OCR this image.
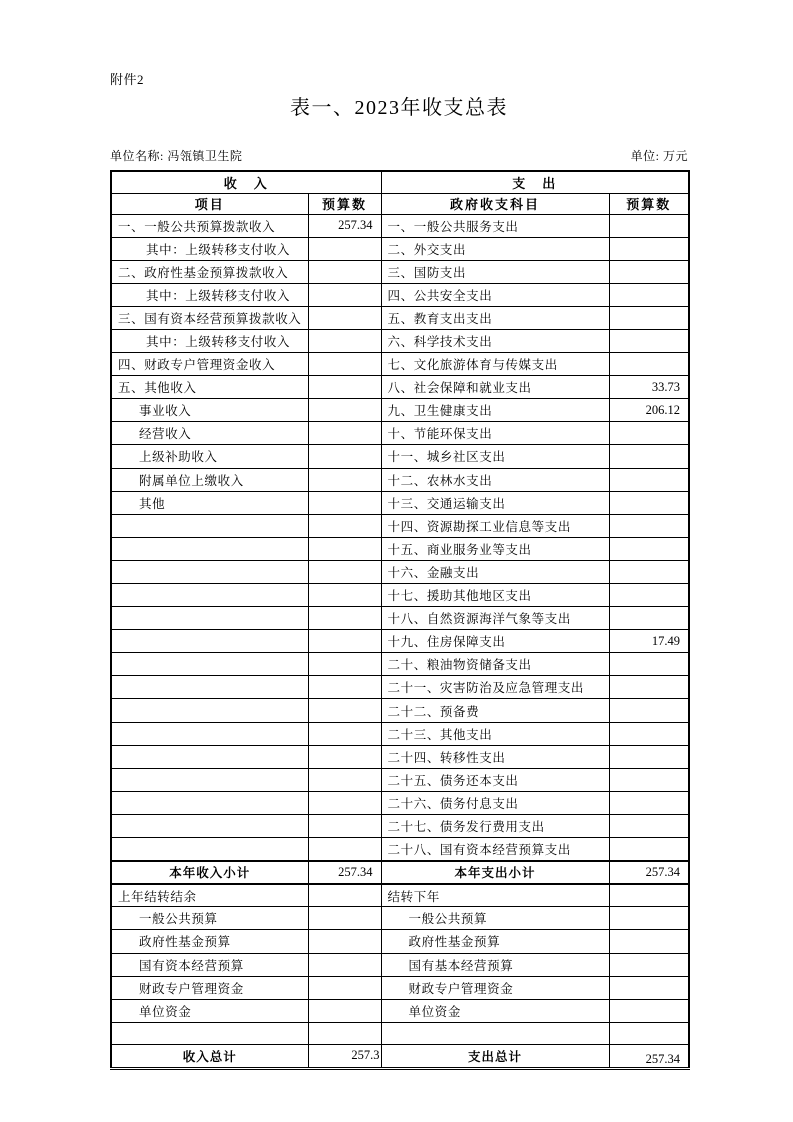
附件2
表一、2023年收支总表
单位名称: 冯瓴镇卫生院	单位: 万元
收　入		支　出	
项目	预算数	政府收支科目	预算数
一、一般公共预算拨款收入	257.34	一、一般公共服务支出	
其中：上级转移支付收入		二、外交支出	
二、政府性基金预算拨款收入		三、国防支出	
其中：上级转移支付收入		四、公共安全支出	
三、国有资本经营预算拨款收入		五、教育支出支出	
其中：上级转移支付收入		六、科学技术支出	
四、财政专户管理资金收入		七、文化旅游体育与传媒支出	
五、其他收入		八、社会保障和就业支出	33.73
事业收入		九、卫生健康支出	206.12
经营收入		十、节能环保支出	
上级补助收入		十一、城乡社区支出	
附属单位上缴收入		十二、农林水支出	
其他		十三、交通运输支出	
		十四、资源勘探工业信息等支出	
		十五、商业服务业等支出	
		十六、金融支出	
		十七、援助其他地区支出	
		十八、自然资源海洋气象等支出	
		十九、住房保障支出	17.49
		二十、粮油物资储备支出	
		二十一、灾害防治及应急管理支出	
		二十二、预备费	
		二十三、其他支出	
		二十四、转移性支出	
		二十五、债务还本支出	
		二十六、债务付息支出	
		二十七、债务发行费用支出	
		二十八、国有资本经营预算支出	
本年收入小计	257.34	本年支出小计	257.34
上年结转结余		结转下年	
一般公共预算		一般公共预算	
政府性基金预算		政府性基金预算	
国有资本经营预算		国有基本经营预算	
财政专户管理资金		财政专户管理资金	
单位资金		单位资金	

收入总计	257.3	支出总计	257.34
